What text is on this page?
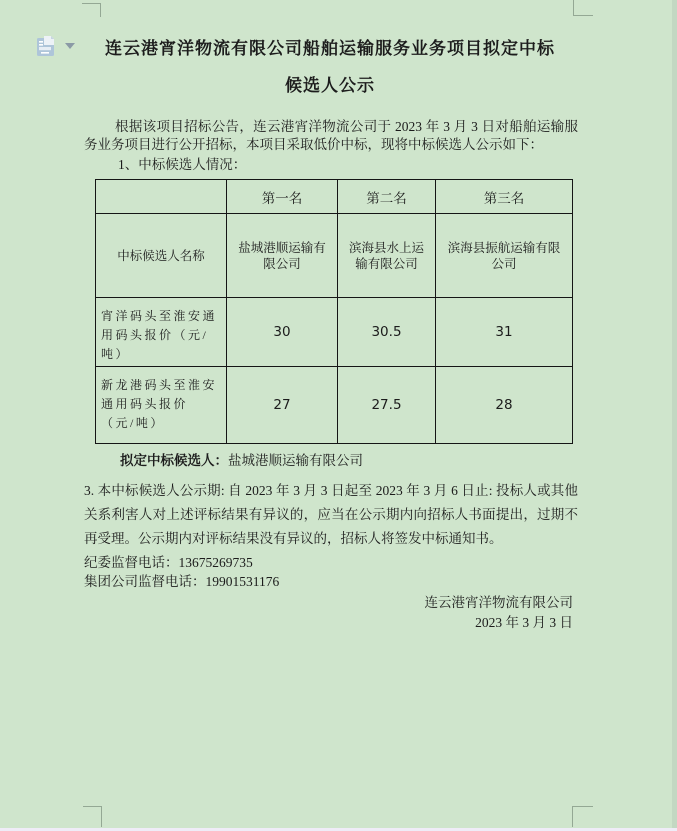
连云港宵洋物流有限公司船舶运输服务业务项目拟定中标
候选人公示
根据该项目招标公告，连云港宵洋物流公司于 2023 年 3 月 3 日对船舶运输服务业务项目进行公开招标，本项目采取低价中标，现将中标候选人公示如下：
1、中标候选人情况：
	第一名	第二名	第三名
中标候选人名称	盐城港顺运输有限公司	滨海县水上运输有限公司	滨海县振航运输有限公司
宵洋码头至淮安通用码头报价（元/吨）	30	30.5	31
新龙港码头至淮安通用码头报价（元/吨）	27	27.5	28
拟定中标候选人：盐城港顺运输有限公司
3. 本中标候选人公示期: 自 2023 年 3 月 3 日起至 2023 年 3 月 6 日止: 投标人或其他关系利害人对上述评标结果有异议的，应当在公示期内向招标人书面提出，过期不再受理。公示期内对评标结果没有异议的，招标人将签发中标通知书。
纪委监督电话：13675269735
集团公司监督电话：19901531176
连云港宵洋物流有限公司
2023 年 3 月 3 日
